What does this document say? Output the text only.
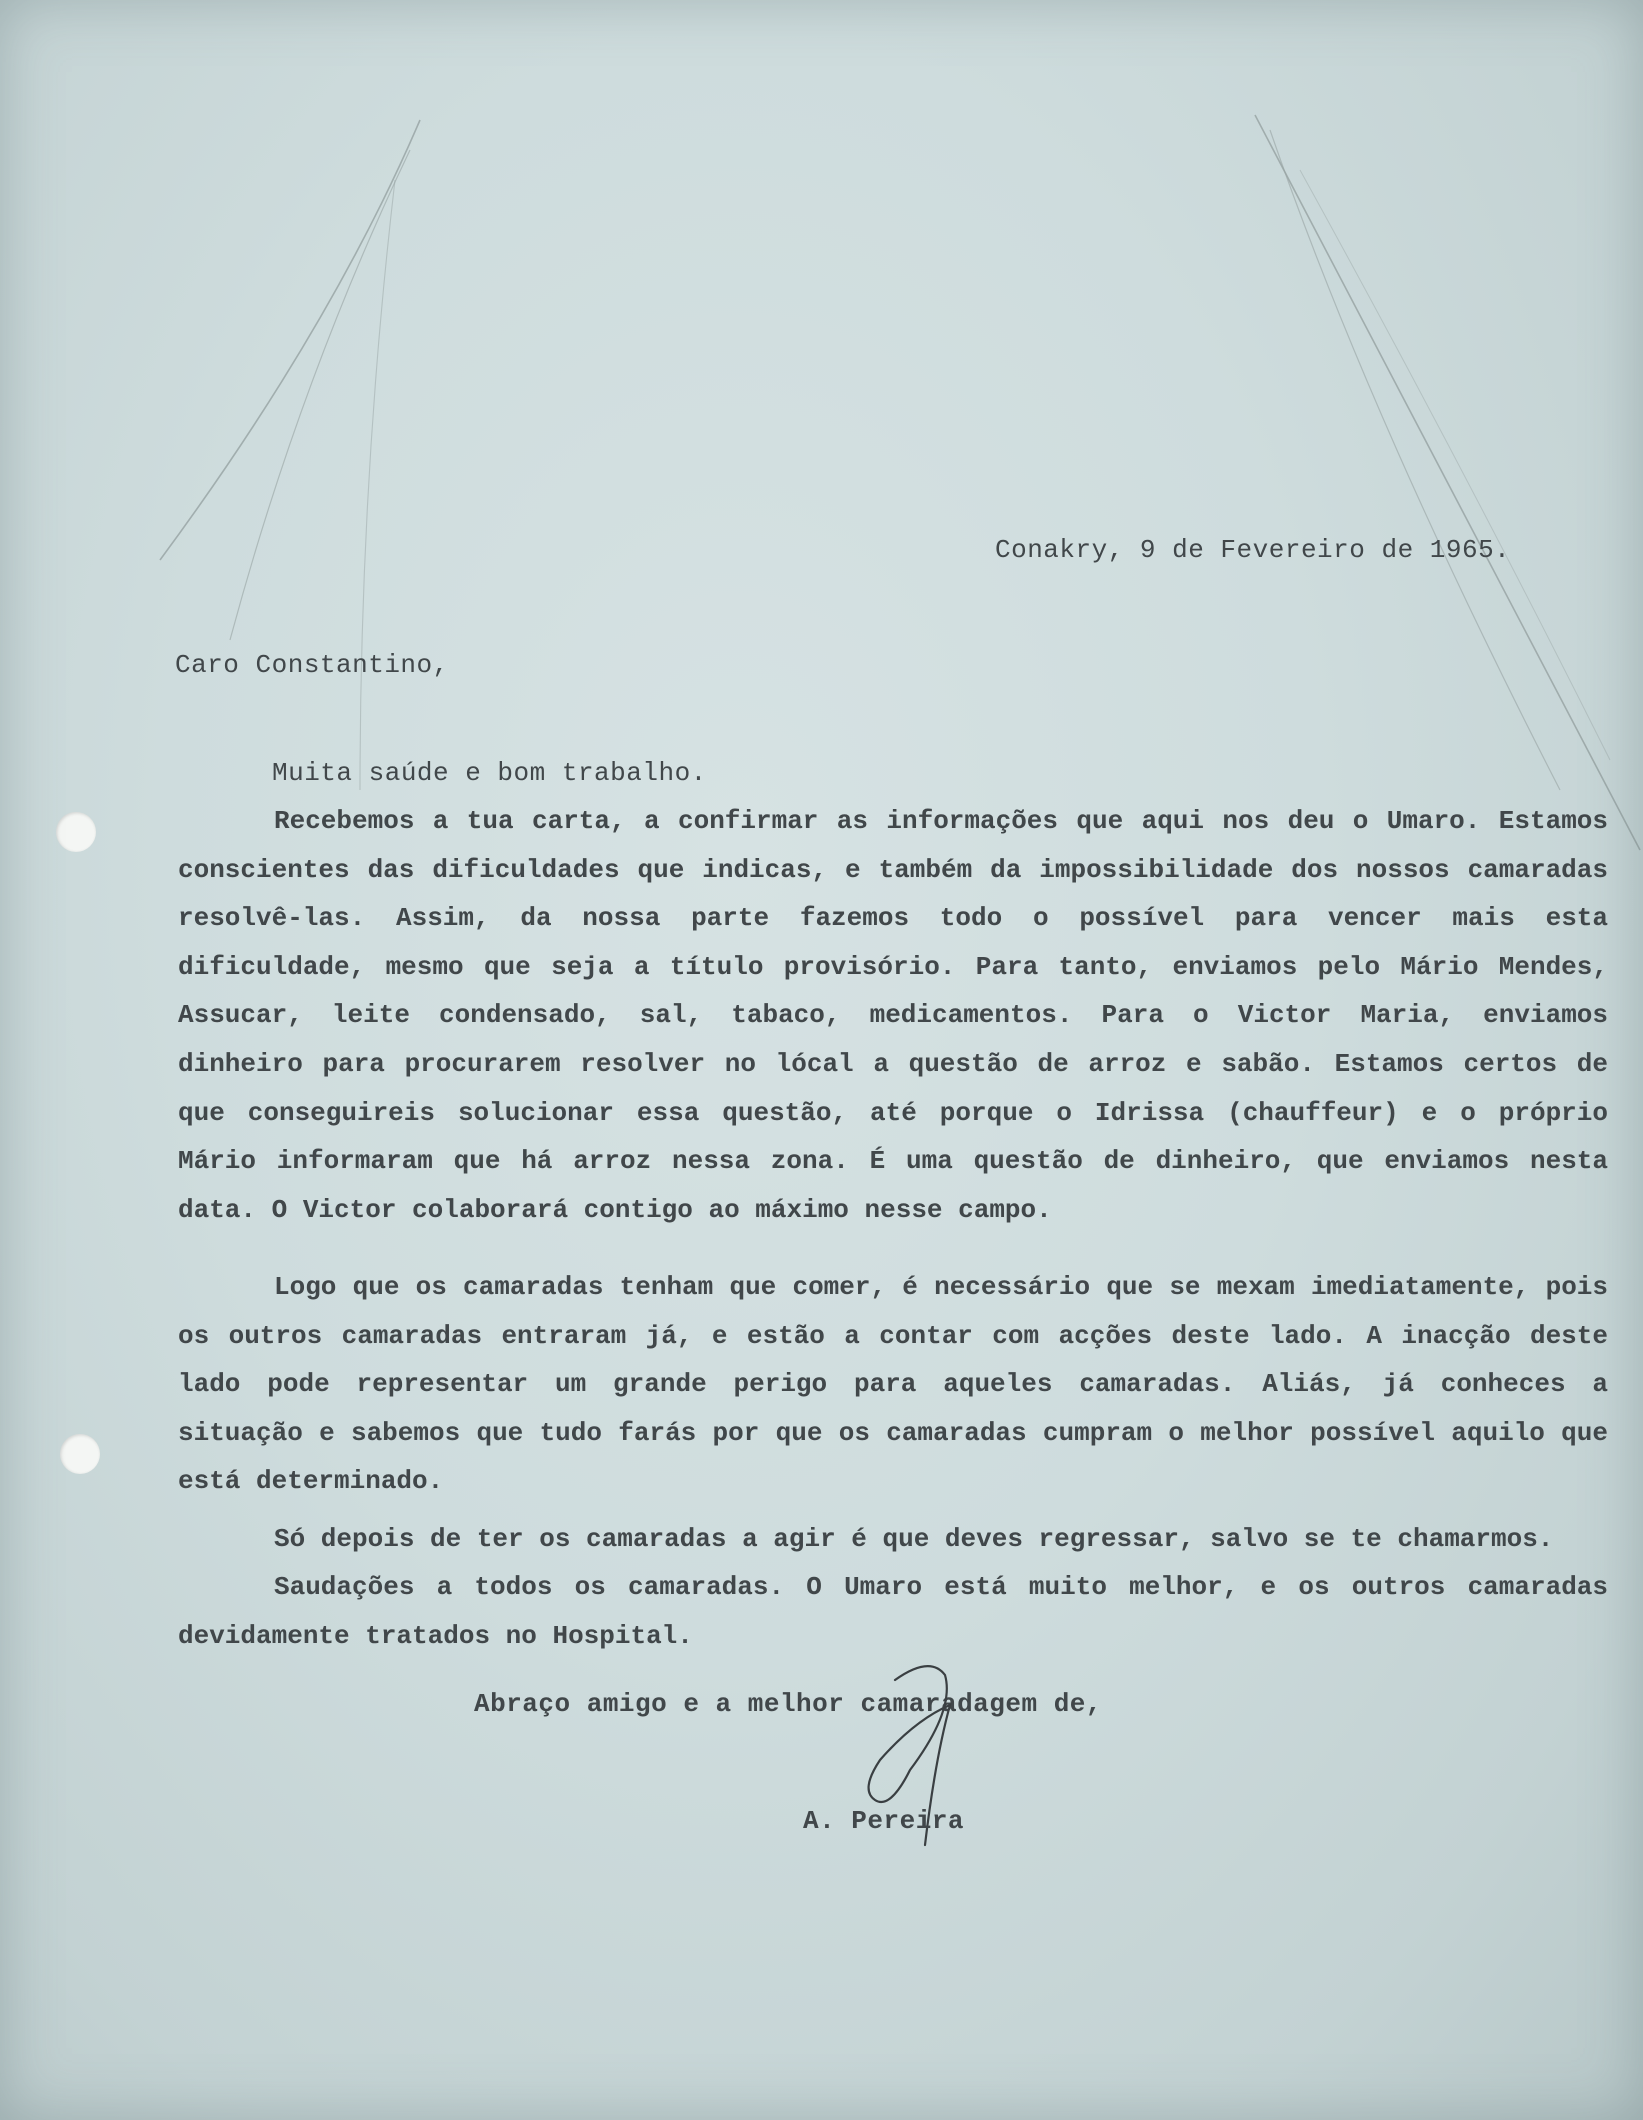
Conakry, 9 de Fevereiro de 1965.
Caro Constantino,
Muita saúde e bom trabalho.
Recebemos a tua carta, a confirmar as informações que aqui nos deu o Umaro. Estamos conscientes das dificuldades que indicas, e também da impossibilidade dos nossos camaradas resolvê-las. Assim, da nossa parte fazemos todo o possível para vencer mais esta dificuldade, mesmo que seja a título provisório. Para tanto, enviamos pelo Mário Mendes, Assucar, leite condensado, sal, tabaco, medicamentos. Para o Victor Maria, enviamos dinheiro para procurarem resolver no lócal a questão de arroz e sabão. Estamos certos de que conseguireis solucionar essa questão, até porque o Idrissa (chauffeur) e o próprio Mário informaram que há arroz nessa zona. É uma questão de dinheiro, que enviamos nesta data. O Victor colaborará contigo ao máximo nesse campo.
Logo que os camaradas tenham que comer, é necessário que se mexam imediatamente, pois os outros camaradas entraram já, e estão a contar com acções deste lado. A inacção deste lado pode representar um grande perigo para aqueles camaradas. Aliás, já conheces a situação e sabemos que tudo farás por que os camaradas cumpram o melhor possível aquilo que está determinado.
Só depois de ter os camaradas a agir é que deves regressar, salvo se te chamarmos.
Saudações a todos os camaradas. O Umaro está muito melhor, e os outros camaradas devidamente tratados no Hospital.
Abraço amigo e a melhor camaradagem de,
A. Pereira
